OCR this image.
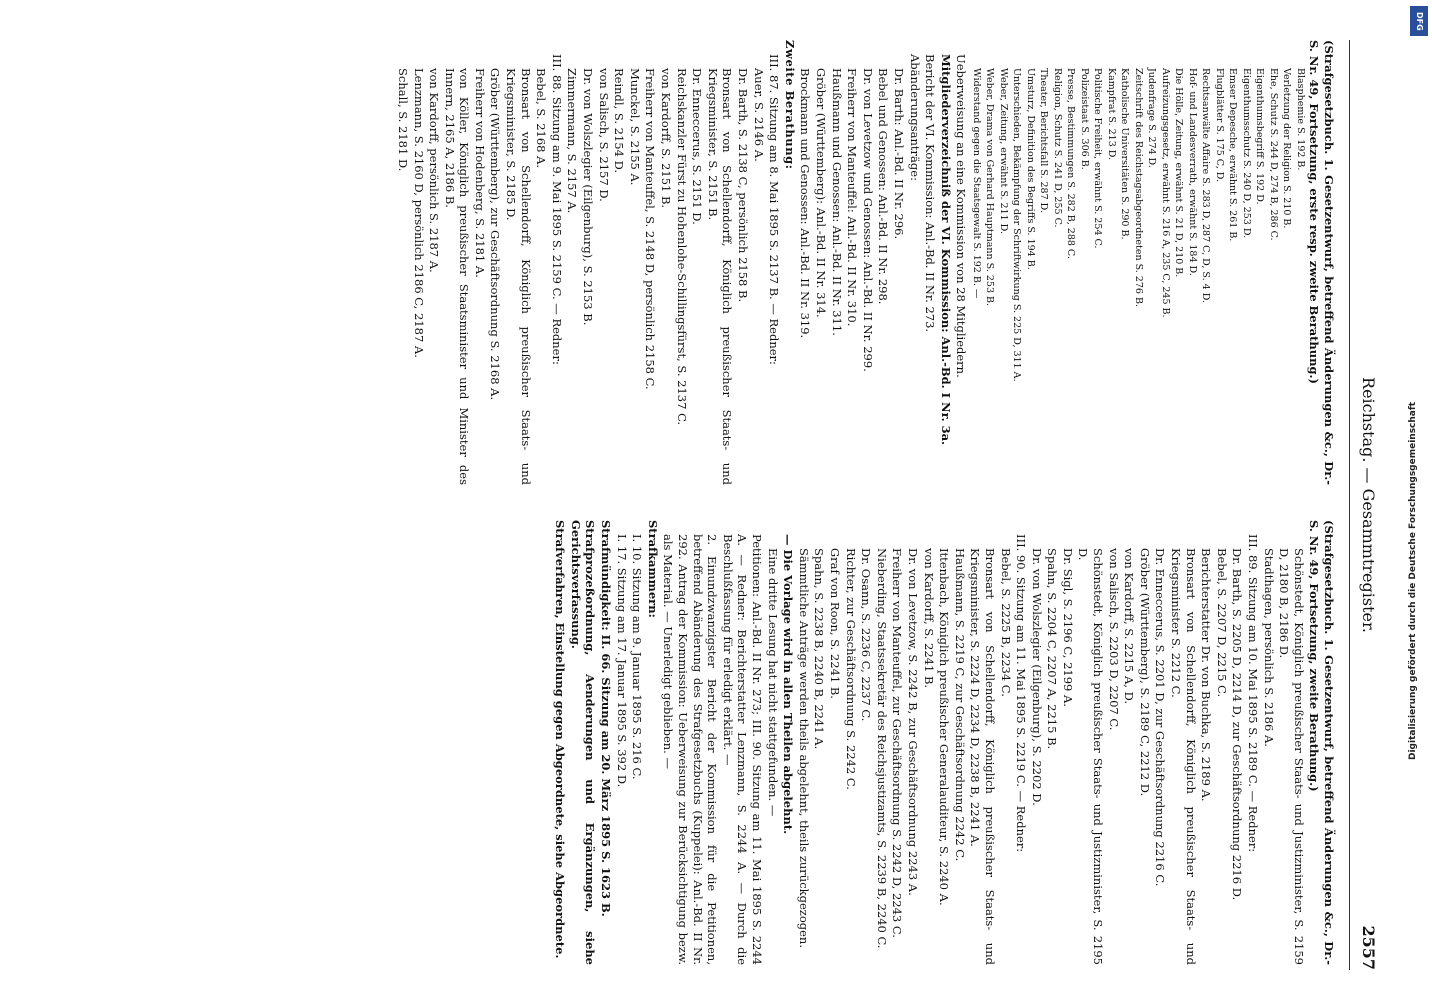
Reichstag. — Gesammtregister.
2557

(Strafgesetzbuch. 1. Gesetzentwurf, betreffend Änderungen &c., Dr.-S. Nr. 49, Fortsetzung, erste resp. zweite Berathung.)

Blasphemie S. 192 B.

Verletzung der Religion S. 210 B.

Ehe, Schutz S. 244 D, 274 B, 286 C.

Eigenthumsbegriff S. 192 D.

Eigenthumsschutz S. 240 D, 253 D.

Emser Depesche, erwähnt S. 261 B.

Flugblätter S. 175 C, D.

Rechtsanwälte Affaire S. 283 D, 287 C, D, S. 4 D.

Hof- und Landesverrath, erwähnt S. 184 D.

Die Hölle, Zeitung, erwähnt S. 21 D, 210 B.

Aufreizungsgesetz, erwähnt S. 216 A, 235 C, 245 B.

Judenfrage S. 274 D.

Zeitschrift des Reichstagsabgeordneten S. 276 B.

Katholische Universitäten S. 290 B.

Kampfrat S. 213 D.

Politische Freiheit, erwähnt S. 254 C.

Polizeistaat S. 306 B.

Presse, Bestimmungen S. 282 B, 288 C.

Religion, Schutz S. 241 D, 255 C.

Theater, Berichtsfall S. 287 D.

Umsturz, Definition des Begriffs S. 194 B.

Unterschieden, Bekämpfung der Schriftwirkung S. 225 D, 311 A.

Weber, Zeitung, erwähnt S. 211 D.

Weber, Drama von Gerhard Hauptmann S. 253 B.

Widerstand gegen die Staatsgewalt S. 192 B. —

Ueberweisung an eine Kommission von 28 Mitgliedern.

Mitgliederverzeichniß der VI. Kommission: Anl.-Bd. I Nr. 3a.

Bericht der VI. Kommission: Anl.-Bd. II Nr. 273.

Abänderungsanträge:

Dr. Barth: Anl.-Bd. II Nr. 296.

Bebel und Genossen: Anl.-Bd. II Nr. 298.

Dr. von Levetzow und Genossen: Anl.-Bd. II Nr. 299.

Freiherr von Manteuffel: Anl.-Bd. II Nr. 310.

Haußmann und Genossen: Anl.-Bd. II Nr. 311.

Gröber (Württemberg): Anl.-Bd. II Nr. 314.

Brockmann und Genossen: Anl.-Bd. II Nr. 319.

Zweite Berathung:

III. 87. Sitzung am 8. Mai 1895 S. 2137 B. — Redner:

Auer, S. 2146 A.

Dr. Barth, S. 2138 C, persönlich 2158 B.

Bronsart von Schellendorff, Königlich preußischer Staats- und Kriegsminister, S. 2151 B.

Dr. Enneccerus, S. 2151 D.

Reichskanzler Fürst zu Hohenlohe-Schillingsfürst, S. 2137 C.

von Kardorff, S. 2151 B.

Freiherr von Manteuffel, S. 2148 D, persönlich 2158 C.

Munckel, S. 2155 A.

Reindl, S. 2154 D.

von Salisch, S. 2157 D.

Dr. von Wolszlegier (Eilgenburg), S. 2153 B.

Zimmermann, S. 2157 A.

III. 88. Sitzung am 9. Mai 1895 S. 2159 C. — Redner:

Bebel, S. 2168 A.

Bronsart von Schellendorff, Königlich preußischer Staats- und Kriegsminister, S. 2185 D.

Gröber (Württemberg), zur Geschäftsordnung S. 2168 A.

Freiherr von Hodenberg, S. 2181 A.

von Köller, Königlich preußischer Staatsminister und Minister des Innern, 2165 A, 2186 B.

von Kardorff, persönlich S. 2187 A.

Lenzmann, S. 2160 D, persönlich 2186 C, 2187 A.

Schall, S. 2181 D.

(Strafgesetzbuch. 1. Gesetzentwurf, betreffend Änderungen &c., Dr.-S. Nr. 49, Fortsetzung, zweite Berathung.)

Schönstedt, Königlich preußischer Staats- und Justizminister, S. 2159 D, 2180 B, 2186 D.

Stadthagen, persönlich S. 2186 A.

III. 89. Sitzung am 10. Mai 1895 S. 2189 C. — Redner:

Dr. Barth, S. 2205 D, 2214 D, zur Geschäftsordnung 2216 D.

Bebel, S. 2207 D, 2215 C.

Berichterstatter Dr. von Buchka, S. 2189 A.

Bronsart von Schellendorff, Königlich preußischer Staats- und Kriegsminister S. 2212 C.

Dr. Enneccerus, S. 2201 D, zur Geschäftsordnung 2216 C.

Gröber (Württemberg), S. 2189 C, 2212 D.

von Kardorff, S. 2215 A, D.

von Salisch, S. 2203 D, 2207 C.

Schönstedt, Königlich preußischer Staats- und Justizminister, S. 2195 D.

Dr. Sigl, S. 2196 C, 2199 A.

Spahn, S. 2204 C, 2207 A, 2215 B.

Dr. von Wolszlegier (Eilgenburg), S. 2202 D.

III. 90. Sitzung am 11. Mai 1895 S. 2219 C. — Redner:

Bebel, S. 2225 B, 2234 C.

Bronsart von Schellendorff, Königlich preußischer Staats- und Kriegsminister, S. 2224 D, 2234 D, 2238 B, 2241 A.

Haußmann, S. 2219 C, zur Geschäftsordnung 2242 C.

Ittenbach, Königlich preußischer Generalauditeur, S. 2240 A.

von Kardorff, S. 2241 B.

Dr. von Levetzow, S. 2242 B, zur Geschäftsordnung 2243 A.

Freiherr von Manteuffel, zur Geschäftsordnung S. 2242 D, 2243 C.

Nieberding, Staatssekretär des Reichsjustizamts, S. 2239 B, 2240 C.

Dr. Osann, S. 2236 C, 2237 C.

Richter, zur Geschäftsordnung S. 2242 C.

Graf von Roon, S. 2241 B.

Spahn, S. 2238 B, 2240 B, 2241 A.

Sämmtliche Anträge werden theils abgelehnt, theils zurückgezogen.

— Die Vorlage wird in allen Theilen abgelehnt.

Eine dritte Lesung hat nicht stattgefunden. —

Petitionen: Anl.-Bd. II Nr. 273; III. 90. Sitzung am 11. Mai 1895 S. 2244 A. — Redner: Berichterstatter Lenzmann, S. 2244 A. — Durch die Beschlußfassung für erledigt erklärt. —

2. Einundzwanzigster Bericht der Kommission für die Petitionen, betreffend Abänderung des Strafgesetzbuchs (Kuppelei): Anl.-Bd. II Nr. 292. Antrag der Kommission: Ueberweisung zur Berücksichtigung bezw. als Material. — Unerledigt geblieben. —

Strafkammern:

I. 10. Sitzung am 9. Januar 1895 S. 216 C.

I. 17. Sitzung am 17. Januar 1895 S. 392 D.

Strafmündigkeit: II. 66. Sitzung am 20. März 1895 S. 1623 B.

Strafprozeßordnung, Aenderungen und Ergänzungen, siehe Gerichtsverfassung.

Strafverfahren, Einstellung gegen Abgeordnete, siehe Abgeordnete.

DFG
Digitalisierung gefördert durch die Deutsche Forschungsgemeinschaft
